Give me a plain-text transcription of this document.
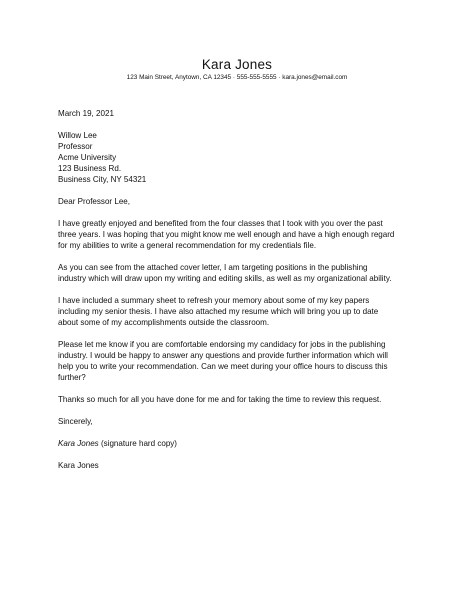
Kara Jones
123 Main Street, Anytown, CA 12345 · 555-555-5555 · kara.jones@email.com
March 19, 2021
Willow Lee
Professor
Acme University
123 Business Rd.
Business City, NY 54321
Dear Professor Lee,
I have greatly enjoyed and benefited from the four classes that I took with you over the past
three years. I was hoping that you might know me well enough and have a high enough regard
for my abilities to write a general recommendation for my credentials file.
As you can see from the attached cover letter, I am targeting positions in the publishing
industry which will draw upon my writing and editing skills, as well as my organizational ability.
I have included a summary sheet to refresh your memory about some of my key papers
including my senior thesis. I have also attached my resume which will bring you up to date
about some of my accomplishments outside the classroom.
Please let me know if you are comfortable endorsing my candidacy for jobs in the publishing
industry. I would be happy to answer any questions and provide further information which will
help you to write your recommendation. Can we meet during your office hours to discuss this
further?
Thanks so much for all you have done for me and for taking the time to review this request.
Sincerely,
Kara Jones (signature hard copy)
Kara Jones
